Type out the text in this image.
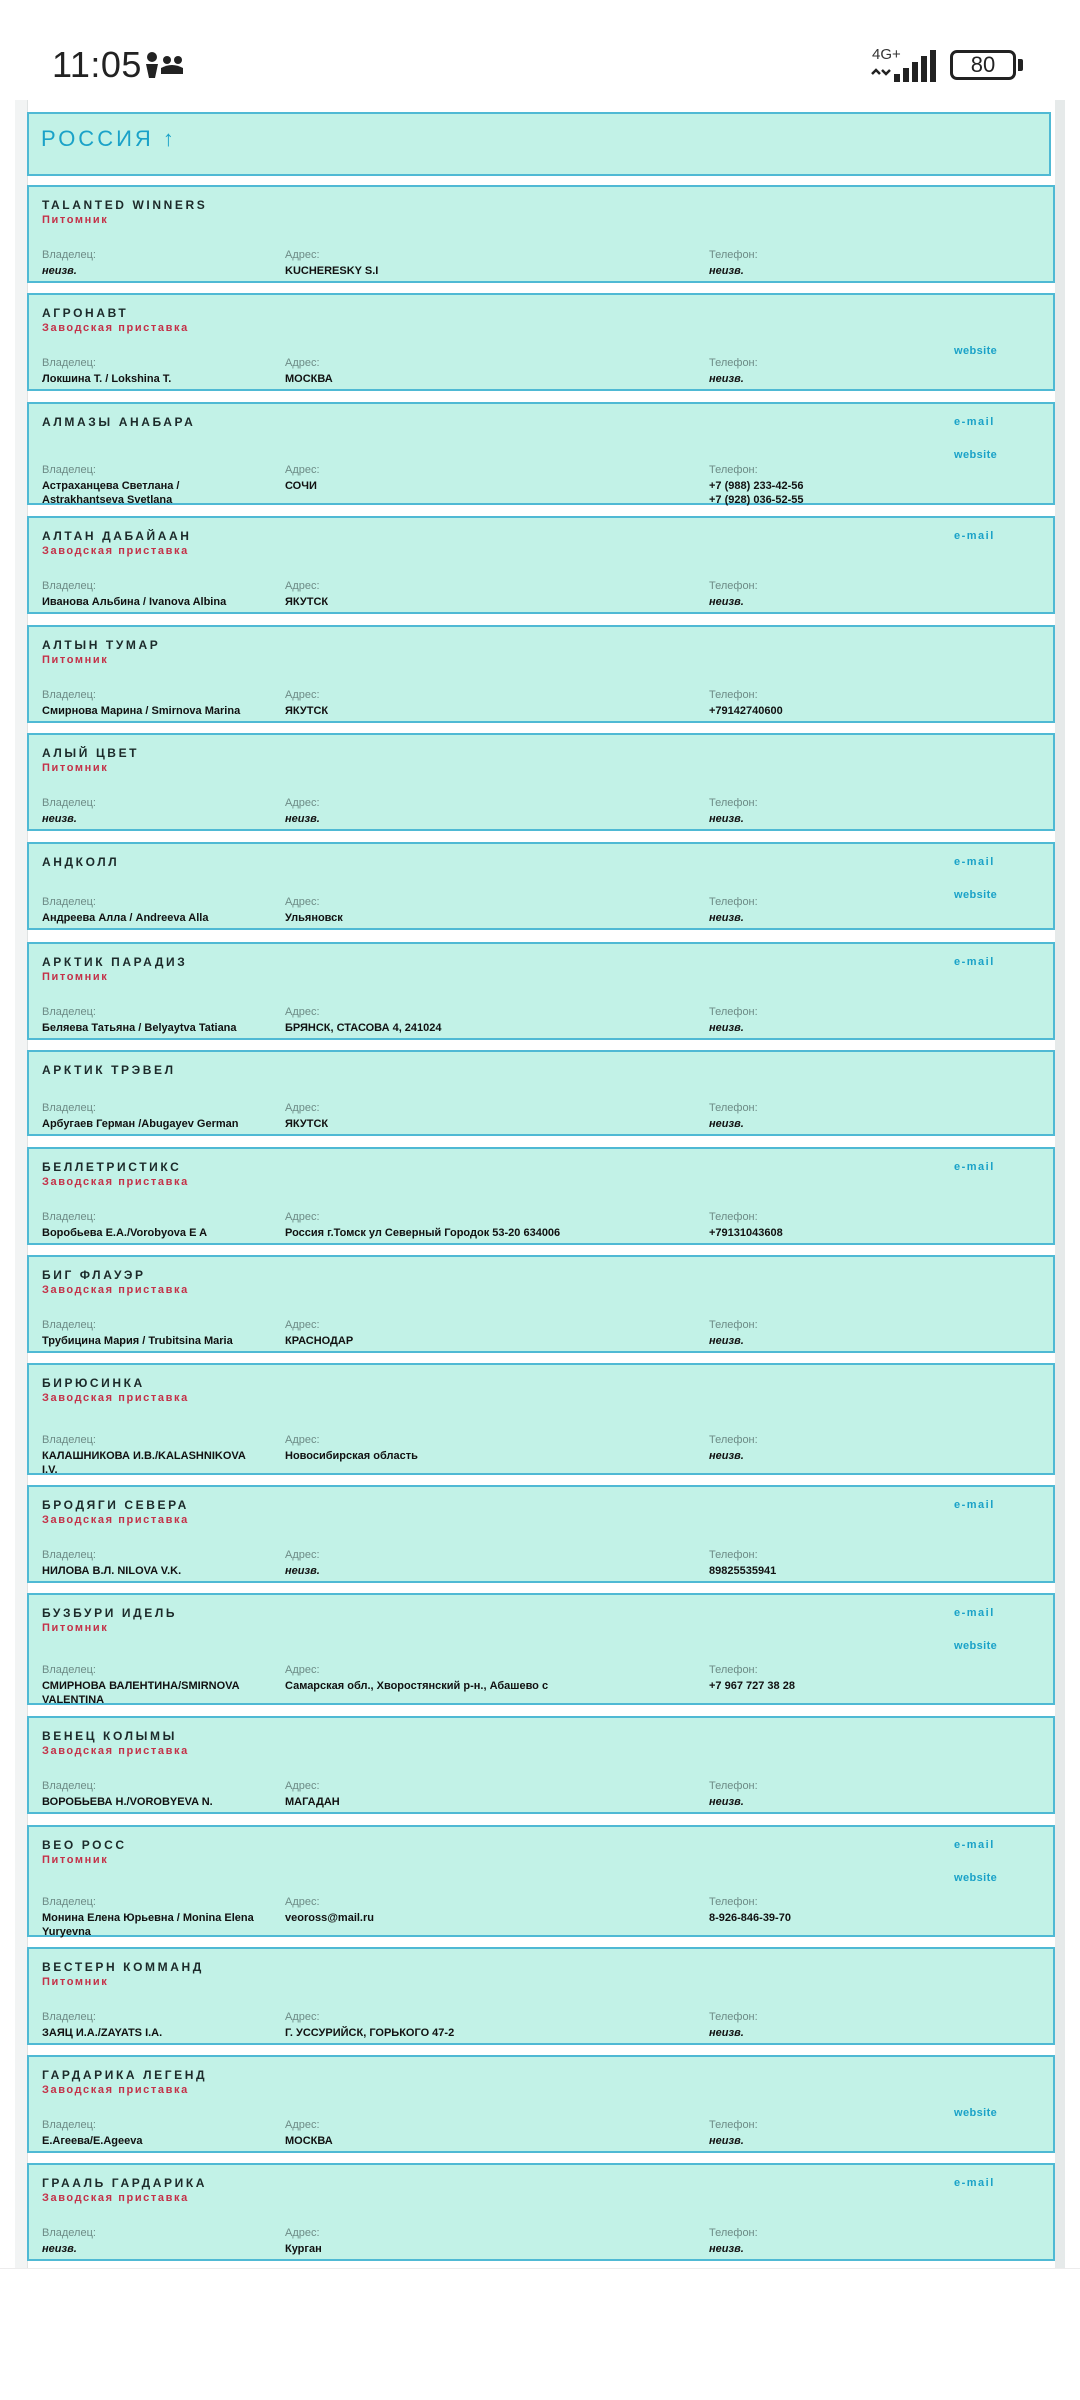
11:05	4G+	80
РОССИЯ ↑
TALANTED WINNERS
Питомник
Владелец:	Адрес:	Телефон:
неизв.	KUCHERESKY S.I	неизв.
АГРОНАВТ
Заводская приставка
Владелец:	Адрес:	Телефон:
Локшина Т. / Lokshina T.	МОСКВА	неизв.
website
АЛМАЗЫ АНАБАРА
Владелец:	Адрес:	Телефон:
Астраханцева Светлана /
Astrakhantseva Svetlana
СОЧИ	+7 (988) 233-42-56
+7 (928) 036-52-55
e-mail
website
АЛТАН ДАБАЙААН
Заводская приставка
Владелец:	Адрес:	Телефон:
Иванова Альбина / Ivanova Albina	ЯКУТСК	неизв.
e-mail
АЛТЫН ТУМАР
Питомник
Владелец:	Адрес:	Телефон:
Смирнова Марина / Smirnova Marina	ЯКУТСК	+79142740600
АЛЫЙ ЦВЕТ
Питомник
Владелец:	Адрес:	Телефон:
неизв.	неизв.	неизв.
АНДКОЛЛ
Владелец:	Адрес:	Телефон:
Андреева Алла / Andreeva Alla	Ульяновск	неизв.
e-mail
website
АРКТИК ПАРАДИЗ
Питомник
Владелец:	Адрес:	Телефон:
Беляева Татьяна / Belyaytva Tatiana	БРЯНСК, СТАСОВА 4, 241024	неизв.
e-mail
АРКТИК ТРЭВЕЛ
Владелец:	Адрес:	Телефон:
Арбугаев Герман /Abugayev German	ЯКУТСК	неизв.
БЕЛЛЕТРИСТИКС
Заводская приставка
Владелец:	Адрес:	Телефон:
Воробьева Е.А./Vorobyova E A	Россия г.Томск ул Северный Городок 53-20 634006	+79131043608
e-mail
БИГ ФЛАУЭР
Заводская приставка
Владелец:	Адрес:	Телефон:
Трубицина Мария / Trubitsina Maria	КРАСНОДАР	неизв.
БИРЮСИНКА
Заводская приставка
Владелец:	Адрес:	Телефон:
КАЛАШНИКОВА И.В./KALASHNIKOVA
I.V.
Новосибирская область	неизв.
БРОДЯГИ СЕВЕРА
Заводская приставка
Владелец:	Адрес:	Телефон:
НИЛОВА В.Л. NILOVA V.K.	неизв.	89825535941
e-mail
БУЗБУРИ ИДЕЛЬ
Питомник
Владелец:	Адрес:	Телефон:
СМИРНОВА ВАЛЕНТИНА/SMIRNOVA
VALENTINA
Самарская обл., Хворостянский р-н., Абашево с	+7 967 727 38 28
e-mail
website
ВЕНЕЦ КОЛЫМЫ
Заводская приставка
Владелец:	Адрес:	Телефон:
ВОРОБЬЕВА Н./VOROBYEVA N.	МАГАДАН	неизв.
ВЕО РОСС
Питомник
Владелец:	Адрес:	Телефон:
Монина Елена Юрьевна / Monina Elena
Yuryevna
veoross@mail.ru	8-926-846-39-70
e-mail
website
ВЕСТЕРН КОММАНД
Питомник
Владелец:	Адрес:	Телефон:
ЗАЯЦ И.А./ZAYATS I.A.	Г. УССУРИЙСК, ГОРЬКОГО 47-2	неизв.
ГАРДАРИКА ЛЕГЕНД
Заводская приставка
Владелец:	Адрес:	Телефон:
Е.Агеева/E.Ageeva	МОСКВА	неизв.
website
ГРААЛЬ ГАРДАРИКА
Заводская приставка
Владелец:	Адрес:	Телефон:
неизв.	Курган	неизв.
e-mail
